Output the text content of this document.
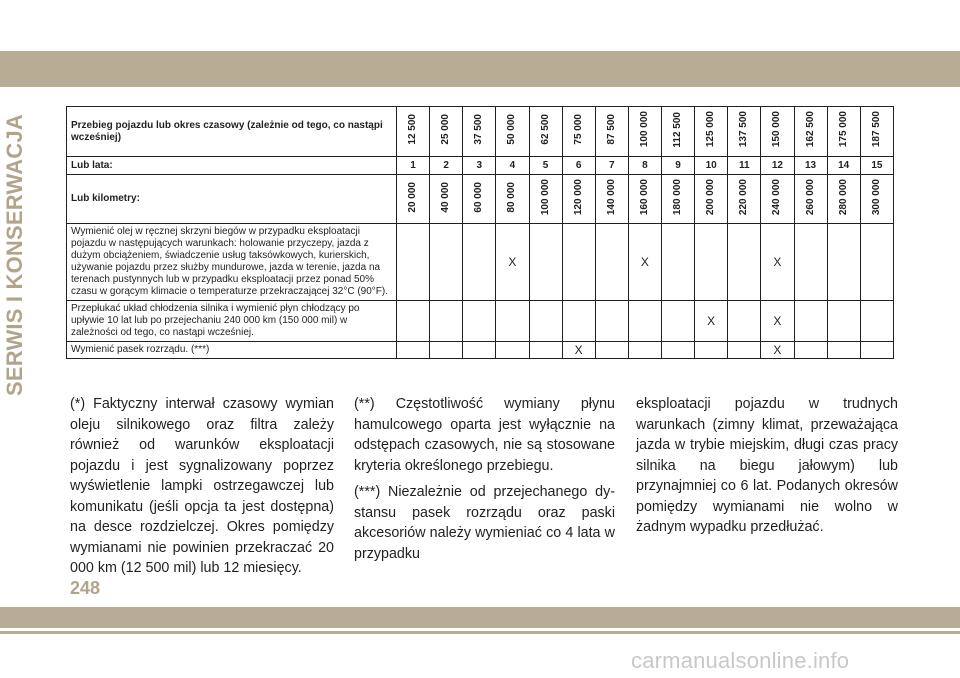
SERWIS I KONSERWACJA	Przebieg pojazdu lub okres czasowy (zależnie od tego, co nastąpi wcześniej)	12 500	25 000	37 500	50 000	62 500	75 000	87 500	100 000	112 500	125 000	137 500	150 000	162 500	175 000	187 500
Lub lata:	1	2	3	4	5	6	7	8	9	10	11	12	13	14	15
Lub kilometry:	20 000	40 000	60 000	80 000	100 000	120 000	140 000	160 000	180 000	200 000	220 000	240 000	260 000	280 000	300 000
Wymienić olej w ręcznej skrzyni biegów w przypadku eksploatacji pojazdu w następujących warunkach: holowanie przyczepy, jazda z dużym obciążeniem, świadczenie usług taksówkowych, kurierskich, używanie pojazdu przez służby mundurowe, jazda w terenie, jazda na terenach pustynnych lub w przypadku eksploatacji przez ponad 50% czasu w gorącym klimacie o temperaturze przekraczającej 32°C (90°F).				X				X				X			
Przepłukać układ chłodzenia silnika i wymienić płyn chłodzący po upływie 10 lat lub po przejechaniu 240 000 km (150 000 mil) w zależności od tego, co nastąpi wcześniej.										X		X			
Wymienić pasek rozrządu. (***)						X						X			

(*) Faktyczny interwał czasowy wymian oleju silnikowego oraz filtra zależy również od warunków eksploatacji pojazdu i jest sygnalizowany poprzez wyświetlenie lampki ostrzegawczej lub komunikatu (jeśli opcja ta jest dostępna) na desce rozdzielczej. Okres pomiędzy wymianami nie powinien przekraczać 20 000 km (12 500 mil) lub 12 miesięcy.

(**) Częstotliwość wymiany płynu hamulcowego oparta jest wyłącznie na odstępach czasowych, nie są stosowane kryteria określonego przebiegu.

(***) Niezależnie od przejechanego dystansu pasek rozrządu oraz paski akcesoriów należy wymieniać co 4 lata w przypadku

eksploatacji pojazdu w trudnych warunkach (zimny klimat, przeważająca jazda w trybie miejskim, długi czas pracy silnika na biegu jałowym) lub przynajmniej co 6 lat. Podanych okresów pomiędzy wymianami nie wolno w żadnym wypadku przedłużać.

248
carmanualsonline.info
